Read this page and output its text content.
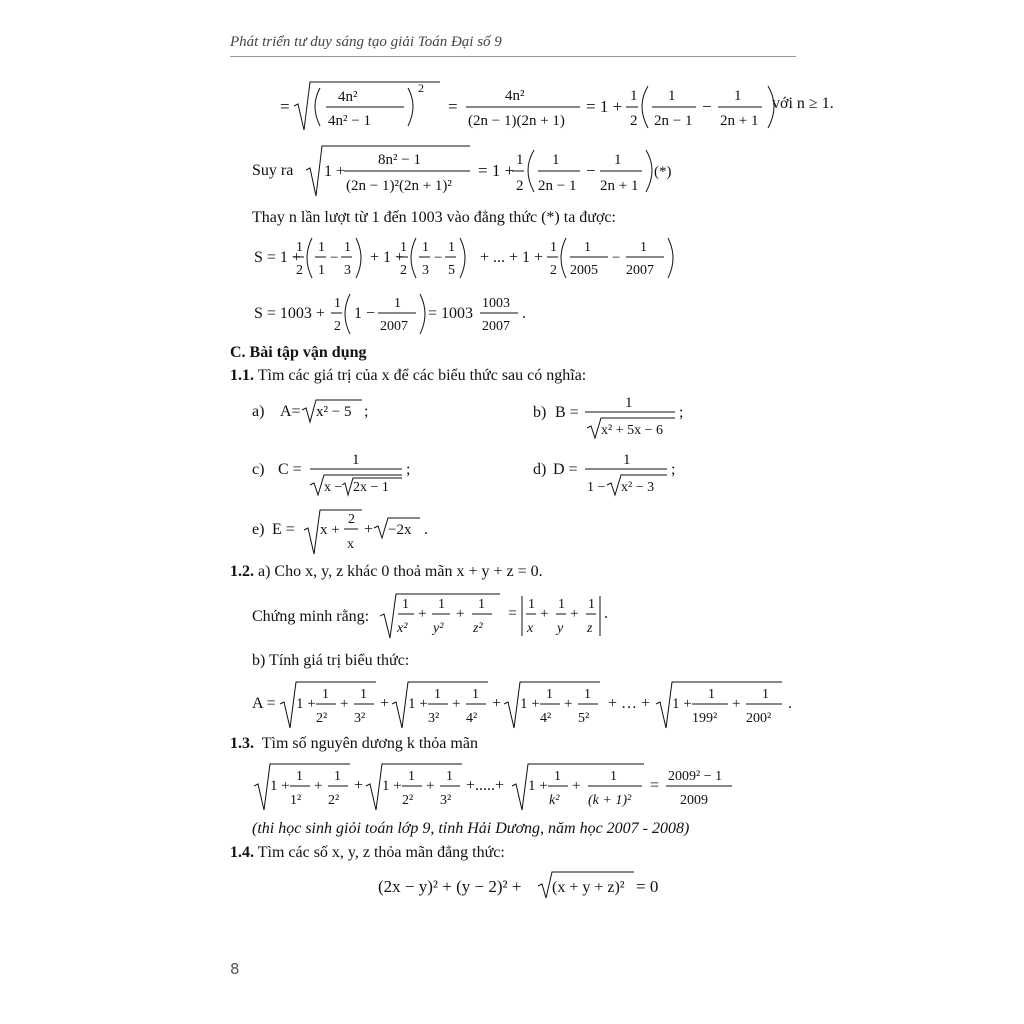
Phát triển tư duy sáng tạo giải Toán Đại số 9
=	4n²
4n² − 1
2
=
4n²
(2n − 1)(2n + 1)
= 1 +
1
2
1
2n − 1
−
1
2n + 1
với n ≥ 1.
Suy ra 1 +
8n² − 1
(2n − 1)²(2n + 1)²
= 1 +
1
2
1
2n − 1
−
1
2n + 1
(*)
Thay n lần lượt từ 1 đến 1003 vào đẳng thức (*) ta được:
S = 1 +
1
2
1
1
−
1
3
+ 1 +
1
2
1
3
−
1
5
+ ... + 1 +
1
2
1
2005
−
1
2007
S = 1003 +
1
2
1 −
1
2007
= 1003
1003
2007
.
C. Bài tập vận dụng
1.1. Tìm các giá trị của x để các biểu thức sau có nghĩa:
a) A= x² − 5 ;	b) B =
1
x² + 5x − 6
;
c) C =
1
x − 2x − 1
;	d) D =
1
1 − x² − 3
;
e) E = x +
2
x
+ −2x .
1.2. a) Cho x, y, z khác 0 thoả mãn x + y + z = 0.
Chứng minh rằng:
1
x²
+
1
y²
+
1
z²
=
1
x
+
1
y
+
1
z
.
b) Tính giá trị biểu thức:
A = 1 +
1
2²
+
1
3²
+ 1 +
1
3²
+
1
4²
+ 1 +
1
4²
+
1
5²
+ … + 1 +
1
199²
+
1
200²
.
1.3. Tìm số nguyên dương k thỏa mãn
1 +
1
1²
+
1
2²
+ 1 +
1
2²
+
1
3²
+.....+ 1 +
1
k²
+
1
(k + 1)²
=
2009² − 1
2009
(thi học sinh giỏi toán lớp 9, tỉnh Hải Dương, năm học 2007 - 2008)
1.4. Tìm các số x, y, z thỏa mãn đẳng thức:
(2x − y)² + (y − 2)² + (x + y + z)² = 0
8
